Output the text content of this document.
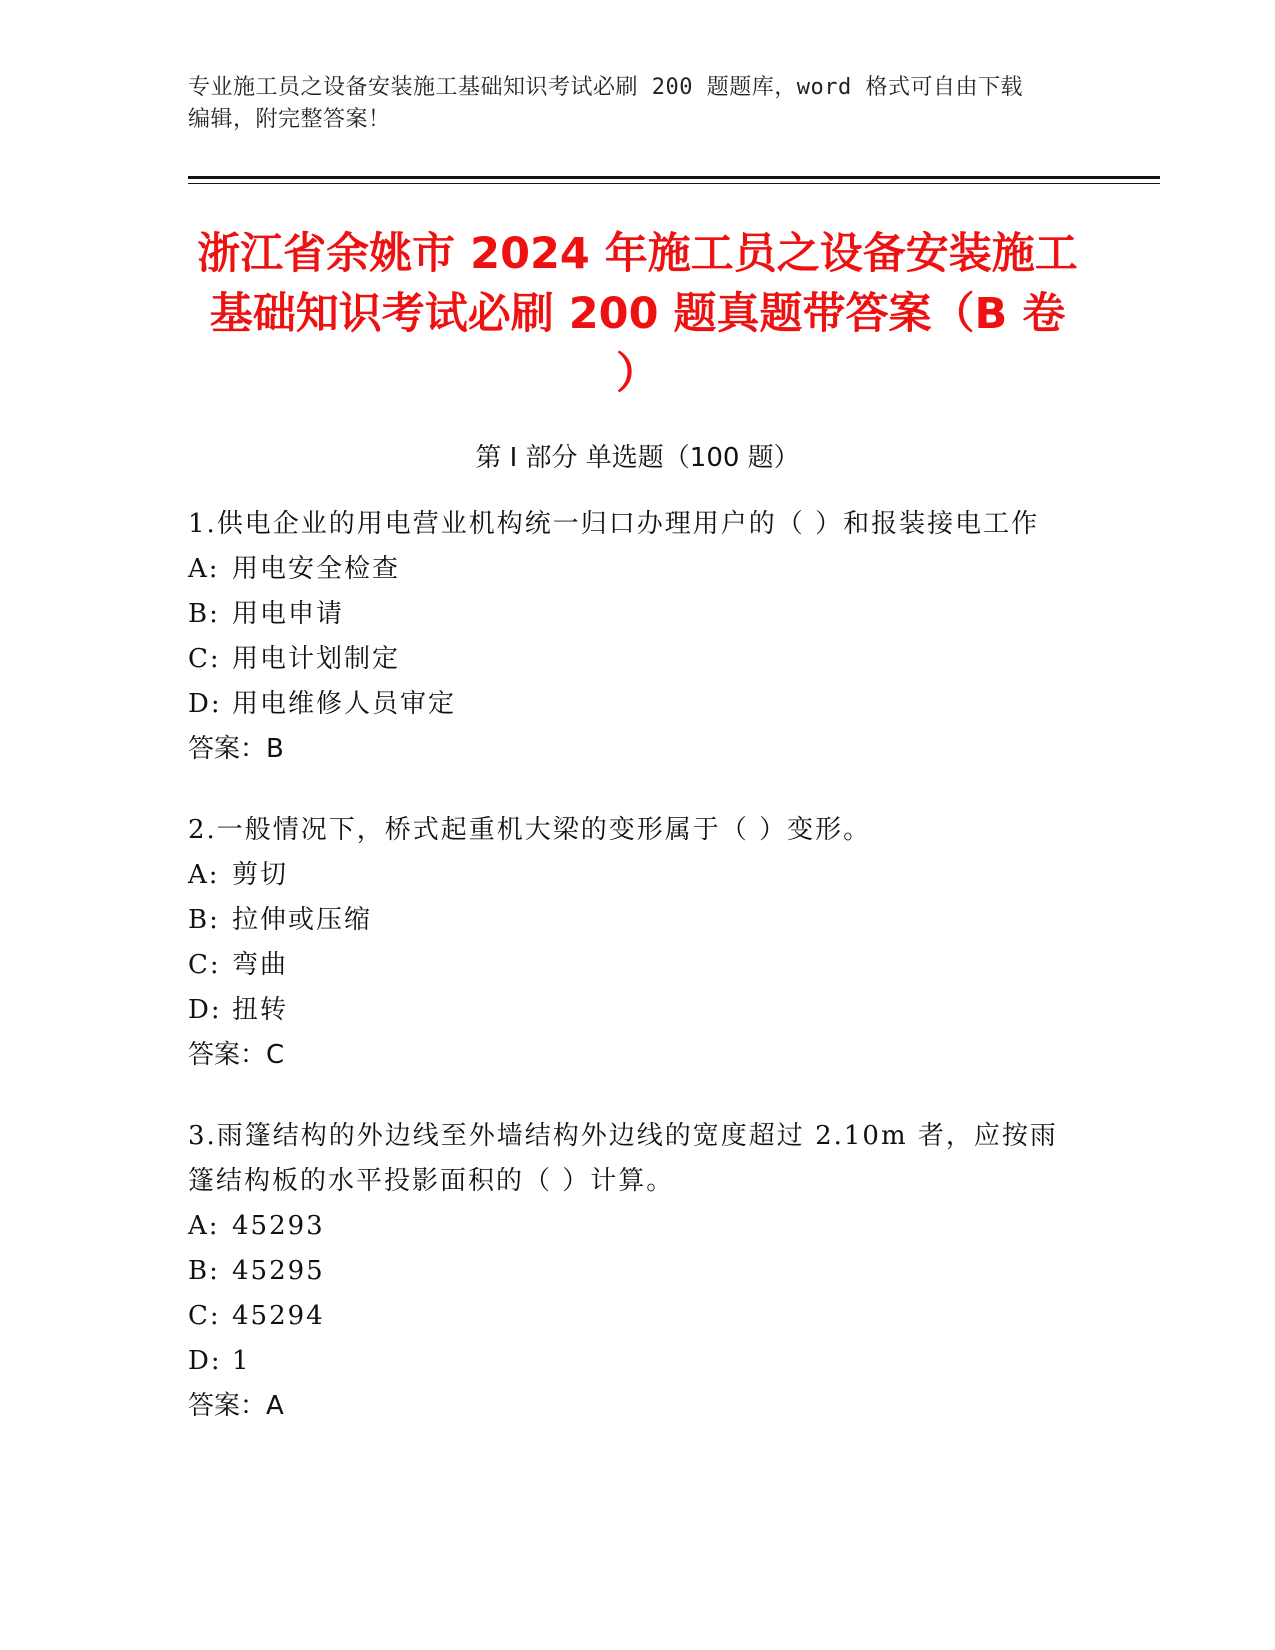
专业施工员之设备安装施工基础知识考试必刷 200 题题库，word 格式可自由下载
编辑，附完整答案！
浙江省余姚市 2024 年施工员之设备安装施工
基础知识考试必刷 200 题真题带答案（B 卷
）
第 I 部分 单选题（100 题）
1.供电企业的用电营业机构统一归口办理用户的（ ）和报装接电工作
A: 用电安全检查
B: 用电申请
C: 用电计划制定
D: 用电维修人员审定
答案：B
2.一般情况下，桥式起重机大梁的变形属于（ ）变形。
A: 剪切
B: 拉伸或压缩
C: 弯曲
D: 扭转
答案：C
3.雨篷结构的外边线至外墙结构外边线的宽度超过 2.10m 者，应按雨
篷结构板的水平投影面积的（ ）计算。
A: 45293
B: 45295
C: 45294
D: 1
答案：A
